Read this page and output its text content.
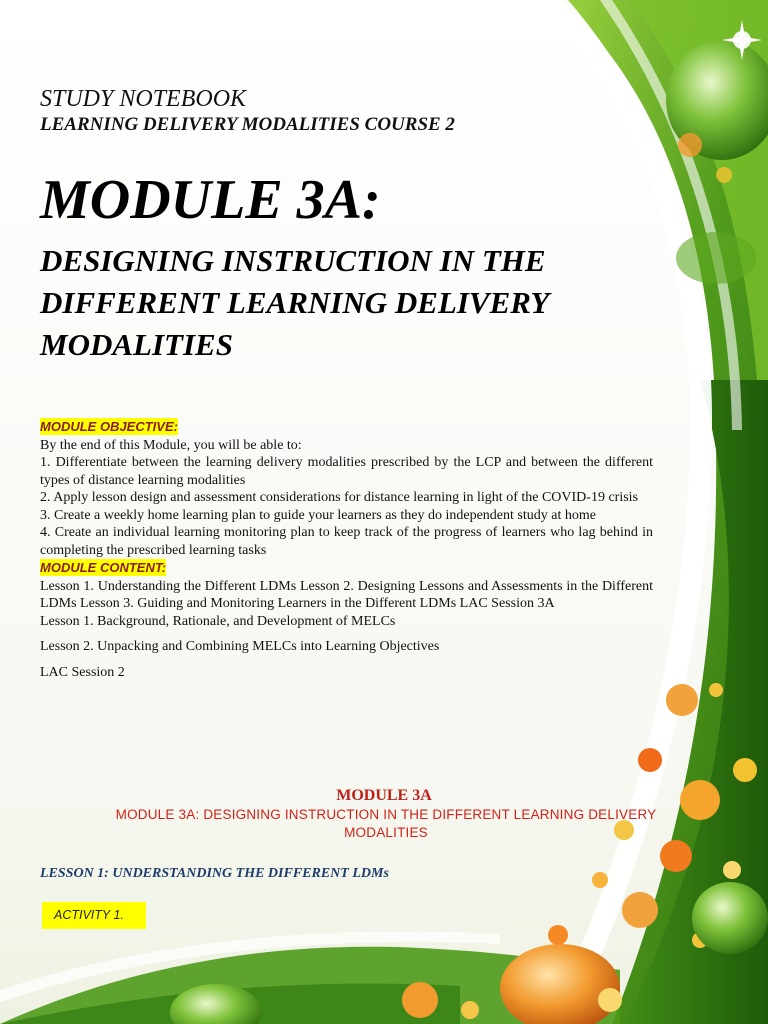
STUDY NOTEBOOK
LEARNING DELIVERY MODALITIES COURSE 2
MODULE 3A:
DESIGNING INSTRUCTION IN THE DIFFERENT LEARNING DELIVERY MODALITIES
MODULE OBJECTIVE:

By the end of this Module, you will be able to:

1. Differentiate between the learning delivery modalities prescribed by the LCP and between the different types of distance learning modalities

2. Apply lesson design and assessment considerations for distance learning in light of the COVID-19 crisis

3. Create a weekly home learning plan to guide your learners as they do independent study at home

4. Create an individual learning monitoring plan to keep track of the progress of learners who lag behind in completing the prescribed learning tasks

MODULE CONTENT:

Lesson 1. Understanding the Different LDMs Lesson 2. Designing Lessons and Assessments in the Different LDMs Lesson 3. Guiding and Monitoring Learners in the Different LDMs LAC Session 3A

Lesson 1. Background, Rationale, and Development of MELCs

Lesson 2. Unpacking and Combining MELCs into Learning Objectives

LAC Session 2

MODULE 3A
MODULE 3A: DESIGNING INSTRUCTION IN THE DIFFERENT LEARNING DELIVERY MODALITIES
LESSON 1: UNDERSTANDING THE DIFFERENT LDMs
ACTIVITY 1.
